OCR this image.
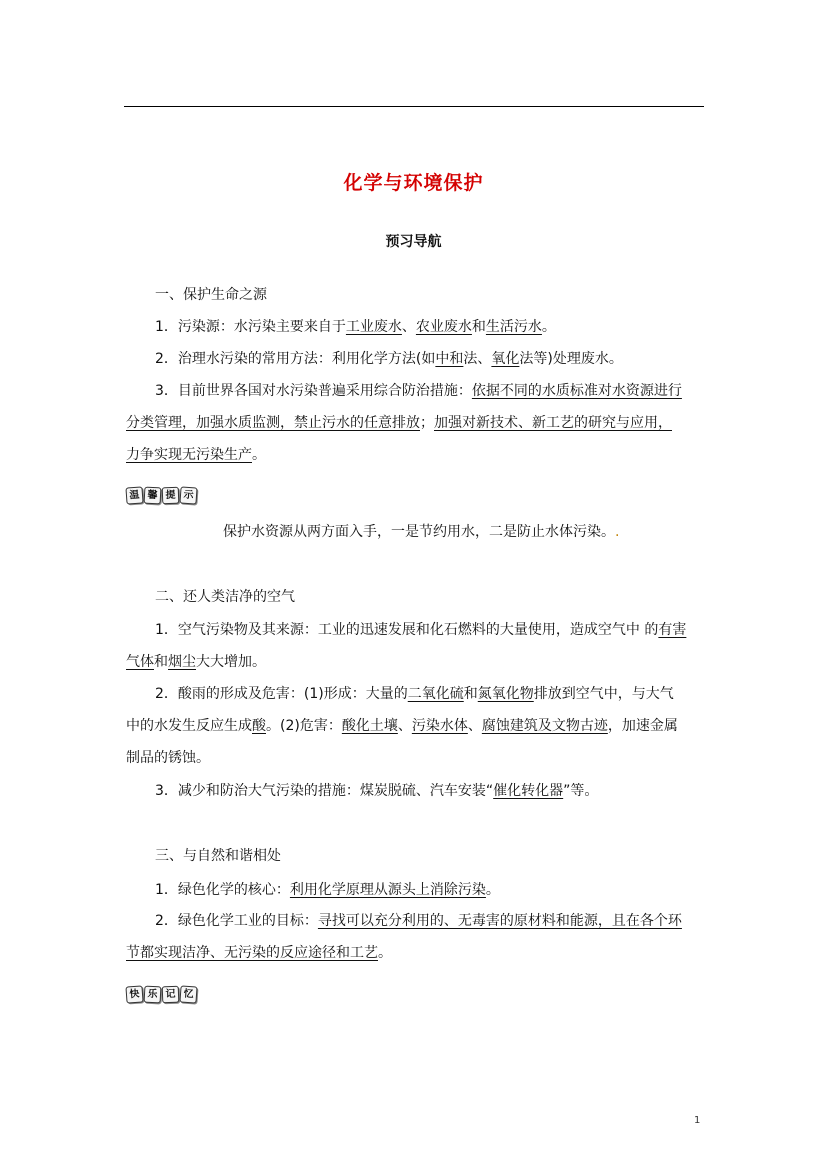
化学与环境保护
预习导航
一、保护生命之源
1．污染源：水污染主要来自于工业废水、农业废水和生活污水。
2．治理水污染的常用方法：利用化学方法(如中和法、氧化法等)处理废水。
3．目前世界各国对水污染普遍采用综合防治措施：依据不同的水质标准对水资源进行
分类管理，加强水质监测，禁止污水的任意排放；加强对新技术、新工艺的研究与应用，
力争实现无污染生产。
温 馨 提 示
保护水资源从两方面入手，一是节约用水，二是防止水体污染。.
二、还人类洁净的空气
1．空气污染物及其来源：工业的迅速发展和化石燃料的大量使用，造成空气中 的有害
气体和烟尘大大增加。
2．酸雨的形成及危害：(1)形成：大量的二氧化硫和氮氧化物排放到空气中，与大气
中的水发生反应生成酸。(2)危害：酸化土壤、污染水体、腐蚀建筑及文物古迹，加速金属
制品的锈蚀。
3．减少和防治大气污染的措施：煤炭脱硫、汽车安装“催化转化器”等。
三、与自然和谐相处
1．绿色化学的核心：利用化学原理从源头上消除污染。
2．绿色化学工业的目标：寻找可以充分利用的、无毒害的原材料和能源，且在各个环
节都实现洁净、无污染的反应途径和工艺。
快 乐 记 忆
1
